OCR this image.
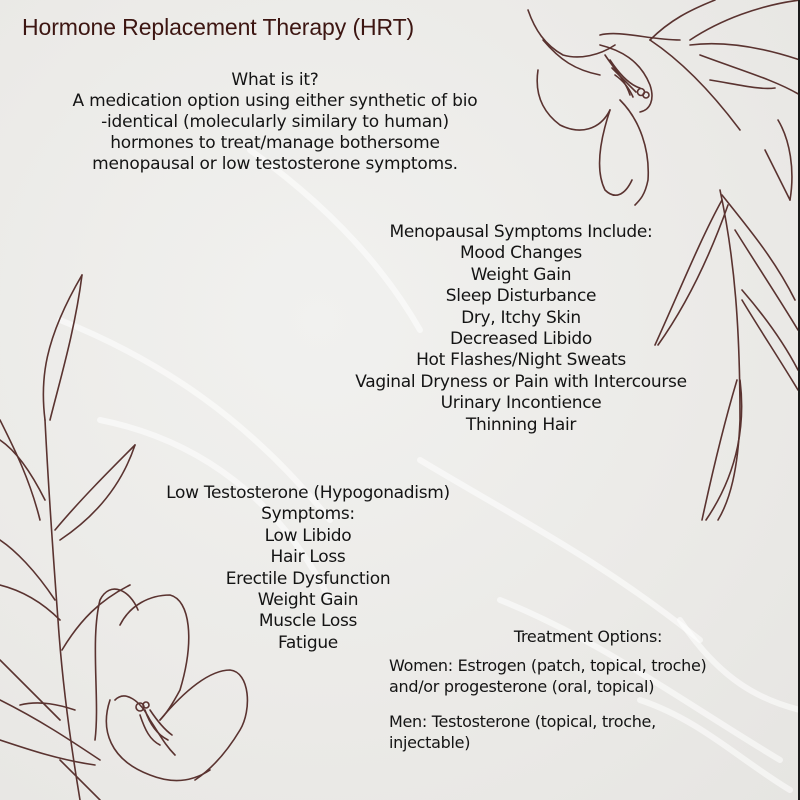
Hormone Replacement Therapy (HRT)
What is it?
A medication option using either synthetic of bio
-identical (molecularly similary to human)
hormones to treat/manage bothersome
menopausal or low testosterone symptoms.
Menopausal Symptoms Include:
Mood Changes
Weight Gain
Sleep Disturbance
Dry, Itchy Skin
Decreased Libido
Hot Flashes/Night Sweats
Vaginal Dryness or Pain with Intercourse
Urinary Incontience
Thinning Hair
Low Testosterone (Hypogonadism)
Symptoms:
Low Libido
Hair Loss
Erectile Dysfunction
Weight Gain
Muscle Loss
Fatigue	Treatment Options:
Women: Estrogen (patch, topical, troche)
and/or progesterone (oral, topical)
Men: Testosterone (topical, troche,
injectable)
